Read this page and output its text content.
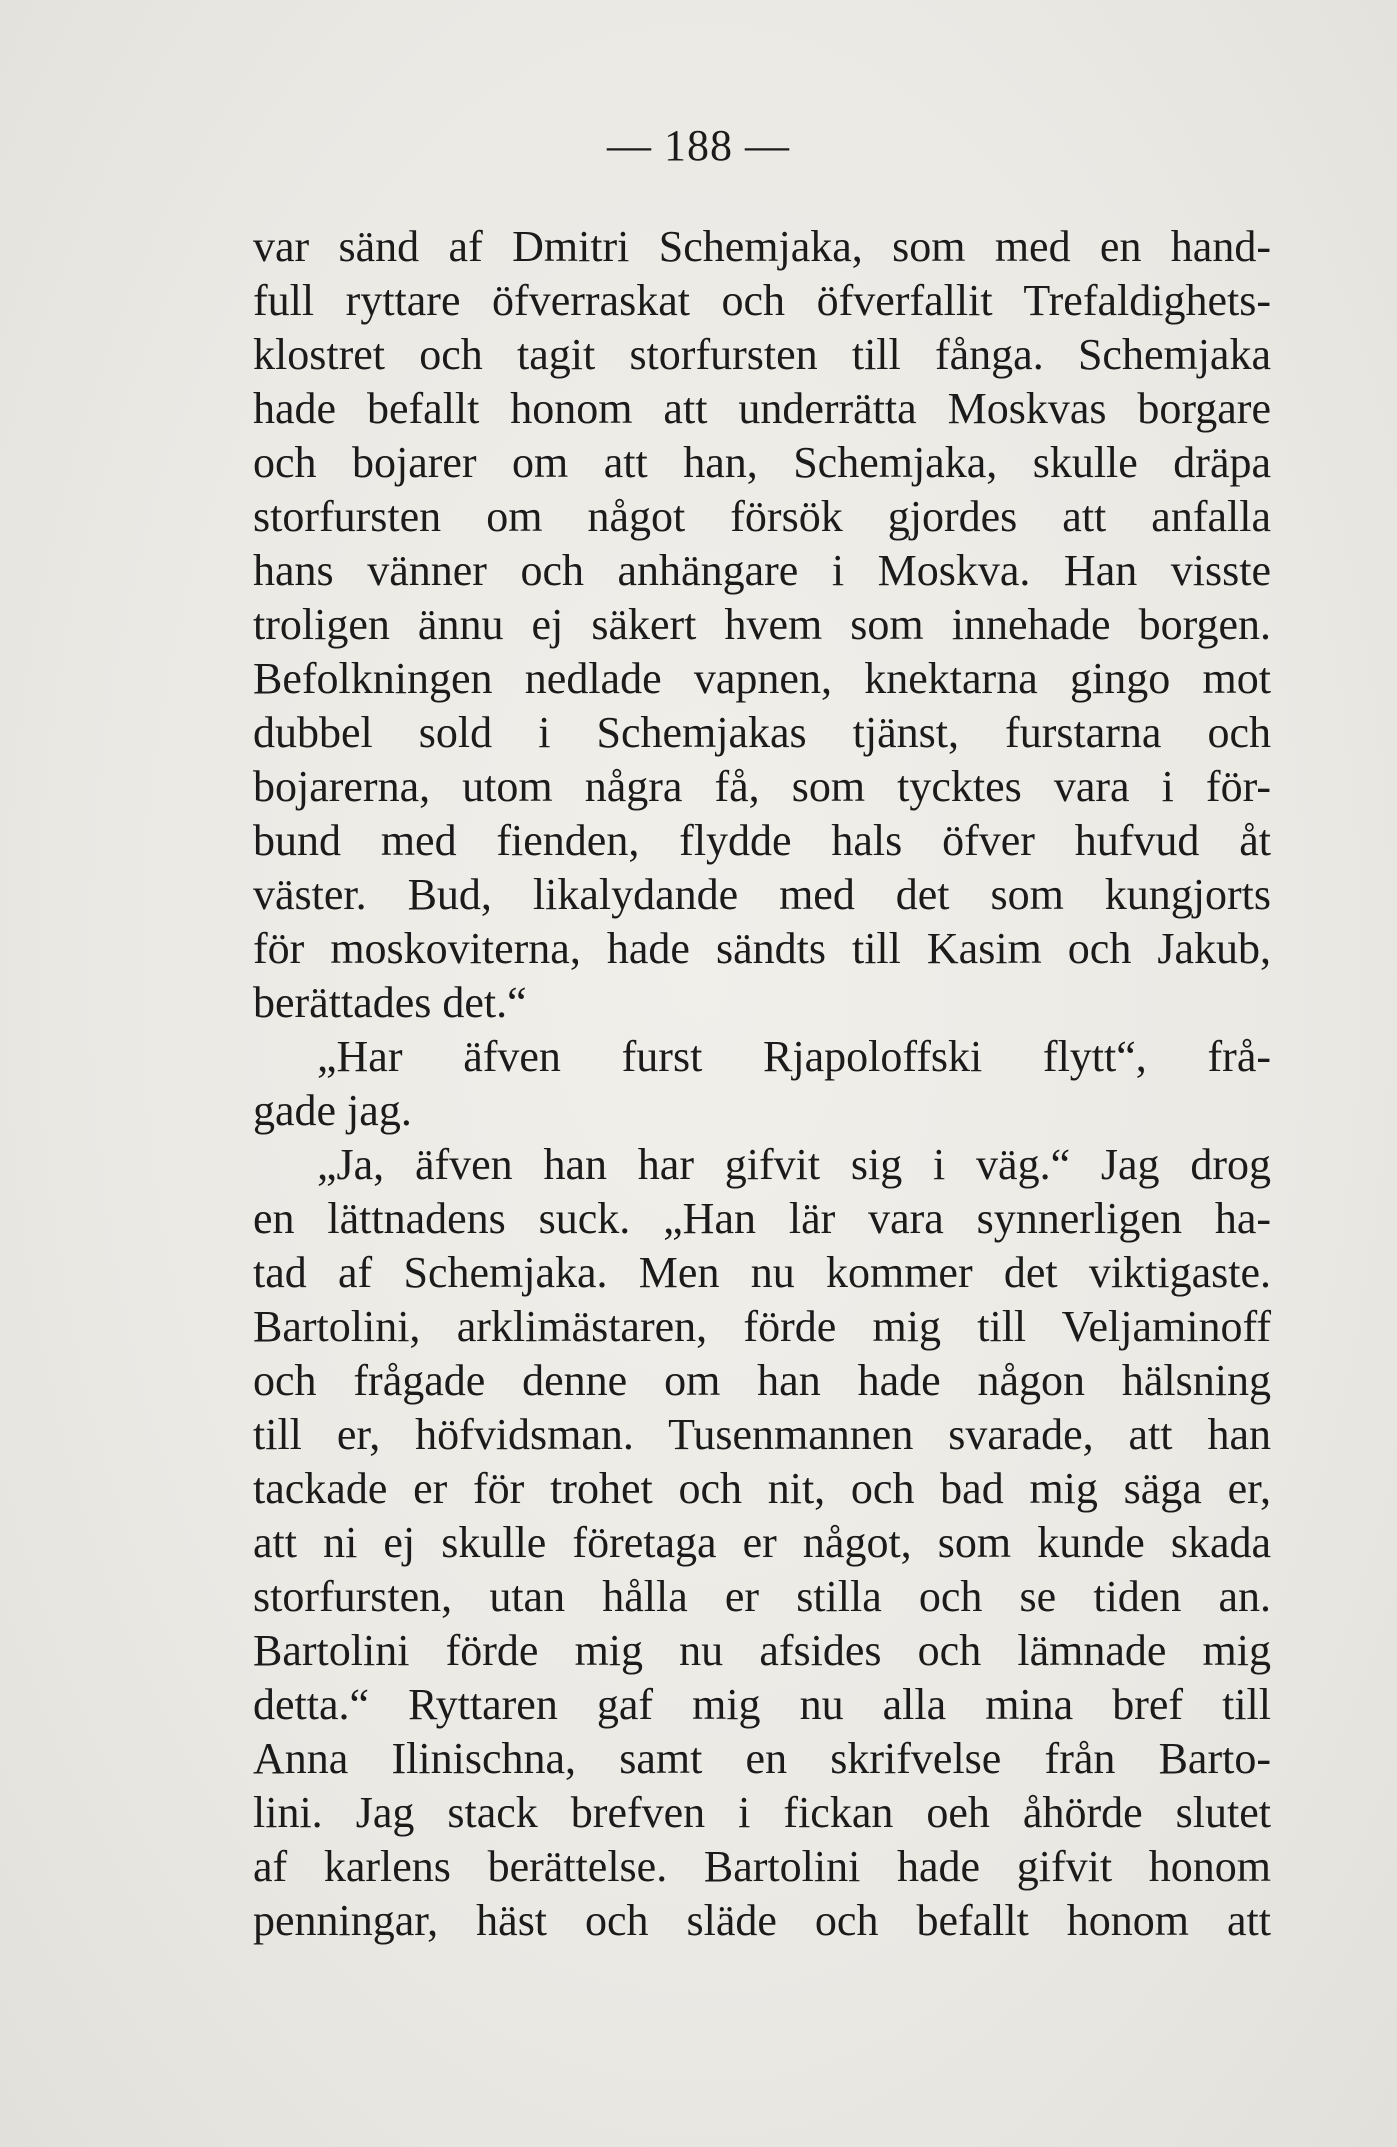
— 188 —
var sänd af Dmitri Schemjaka, som med en hand-
full ryttare öfverraskat och öfverfallit Trefaldighets-
klostret och tagit storfursten till fånga. Schemjaka
hade befallt honom att underrätta Moskvas borgare
och bojarer om att han, Schemjaka, skulle dräpa
storfursten om något försök gjordes att anfalla
hans vänner och anhängare i Moskva. Han visste
troligen ännu ej säkert hvem som innehade borgen.
Befolkningen nedlade vapnen, knektarna gingo mot
dubbel sold i Schemjakas tjänst, furstarna och
bojarerna, utom några få, som tycktes vara i för-
bund med fienden, flydde hals öfver hufvud åt
väster. Bud, likalydande med det som kungjorts
för moskoviterna, hade sändts till Kasim och Jakub,
berättades det.“
„Har äfven furst Rjapoloffski flytt“, frå-
gade jag.
„Ja, äfven han har gifvit sig i väg.“ Jag drog
en lättnadens suck. „Han lär vara synnerligen ha-
tad af Schemjaka. Men nu kommer det viktigaste.
Bartolini, arklimästaren, förde mig till Veljaminoff
och frågade denne om han hade någon hälsning
till er, höfvidsman. Tusenmannen svarade, att han
tackade er för trohet och nit, och bad mig säga er,
att ni ej skulle företaga er något, som kunde skada
storfursten, utan hålla er stilla och se tiden an.
Bartolini förde mig nu afsides och lämnade mig
detta.“ Ryttaren gaf mig nu alla mina bref till
Anna Ilinischna, samt en skrifvelse från Barto-
lini. Jag stack brefven i fickan oeh åhörde slutet
af karlens berättelse. Bartolini hade gifvit honom
penningar, häst och släde och befallt honom att
